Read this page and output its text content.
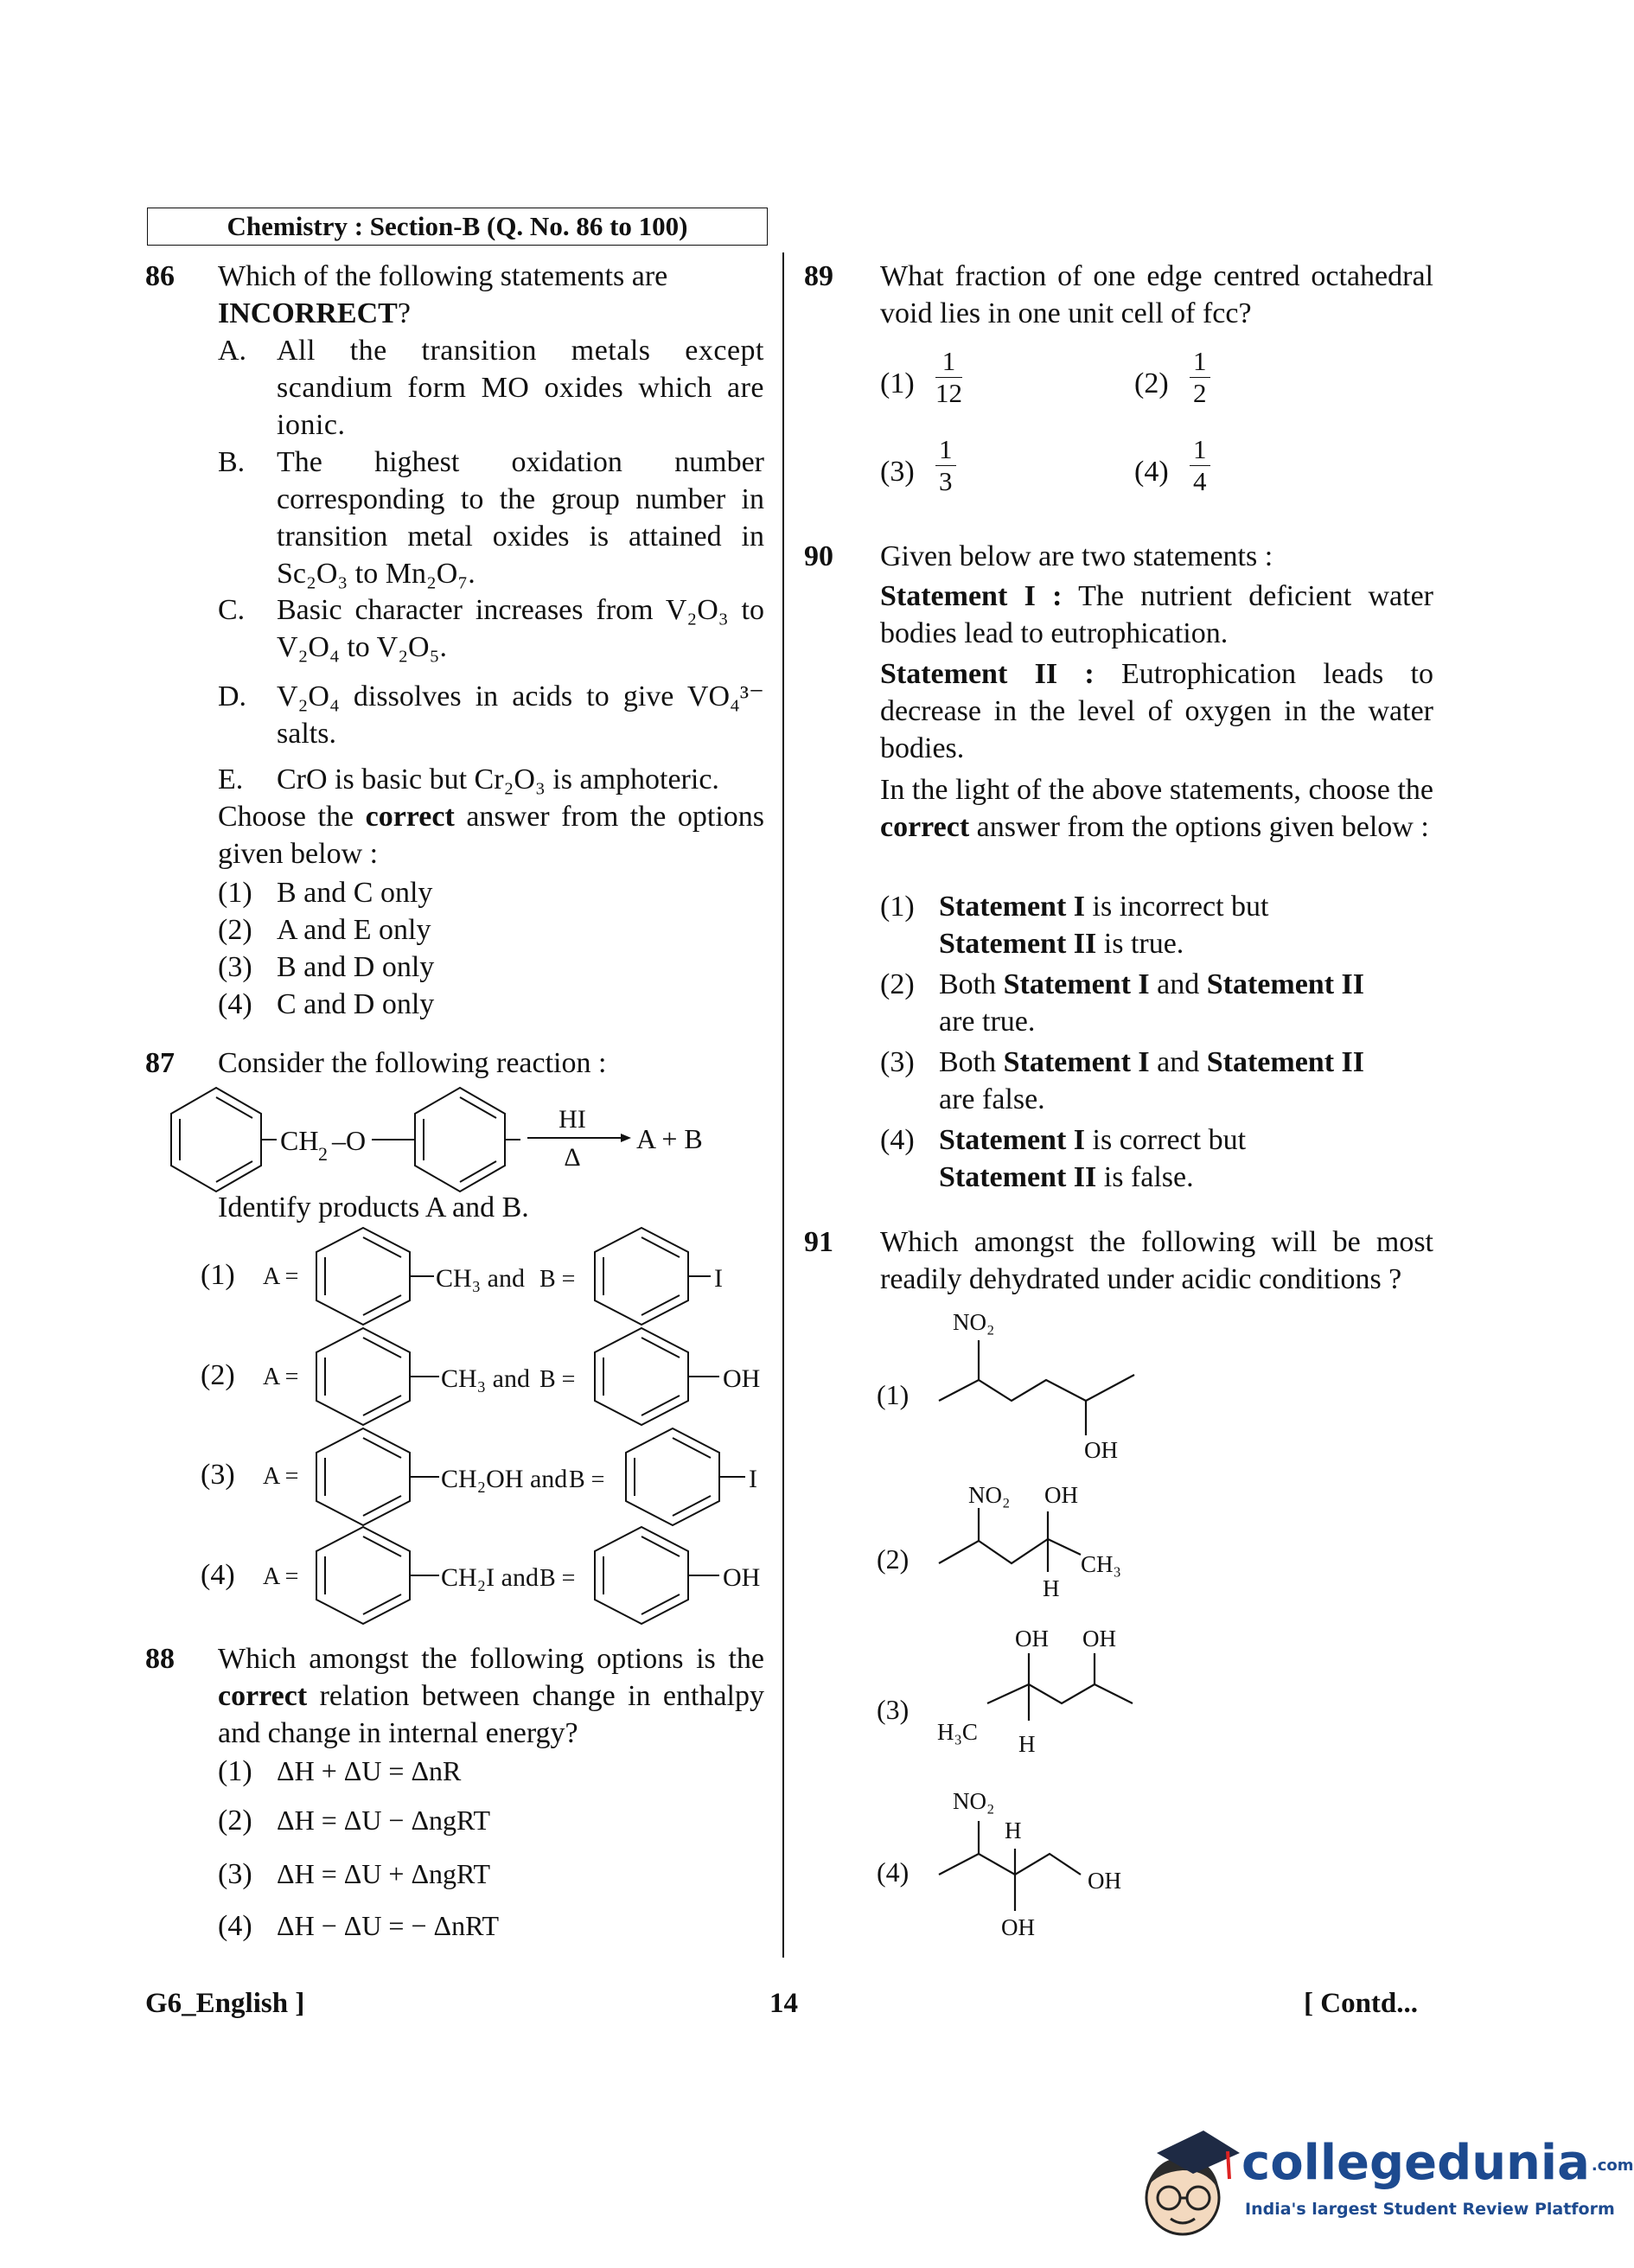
Chemistry : Section-B (Q. No. 86 to 100)
86	Which of the following statements are
INCORRECT?
A. All the transition metals except scandium form MO oxides which are ionic.
B. The highest oxidation number corresponding to the group number in transition metal oxides is attained in Sc₂O₃ to Mn₂O₇.
C. Basic character increases from V₂O₃ to V₂O₄ to V₂O₅.
D. V₂O₄ dissolves in acids to give VO₄³⁻ salts.
E.	CrO is basic but Cr₂O₃ is amphoteric.
Choose the correct answer from the options given below :
(1) B and C only
(2) A and E only
(3) B and D only
(4) C and D only
87	Consider the following reaction :
CH 2 –O
HI
Δ
A + B
Identify products A and B.
(1) A =	CH₃ and B =	I
(2) A =	CH₃ and B =	OH
(3) A =	CH₂OH and B =	I
(4) A =	CH₂I and B =	OH
88	Which amongst the following options is the correct relation between change in enthalpy and change in internal energy?
(1) ΔH + ΔU = ΔnR
(2) ΔH = ΔU − ΔngRT
(3) ΔH = ΔU + ΔngRT
(4) ΔH − ΔU = − ΔnRT
89	What fraction of one edge centred octahedral void lies in one unit cell of fcc?
$(1) \frac{1}{12}$	$(2) \frac{1}{2}$
$(3) \frac{1}{3}$	$(4) \frac{1}{4}$
90	Given below are two statements :
Statement I : The nutrient deficient water bodies lead to eutrophication.
Statement II : Eutrophication leads to decrease in the level of oxygen in the water bodies.
In the light of the above statements, choose the correct answer from the options given below :
(1) Statement I is incorrect but
Statement II is true.
(2) Both Statement I and Statement II
are true.
(3) Both Statement I and Statement II
are false.
(4) Statement I is correct but
Statement II is false.
91	Which amongst the following will be most readily dehydrated under acidic conditions ?
(1)
NO₂
OH
(2)
NO₂ OH
CH₃
H
(3)
OH OH
H₃C H
(4)
NO₂
H
OH
OH
G6_English ]	14	[ Contd...
collegedunia .com
India's largest Student Review Platform
